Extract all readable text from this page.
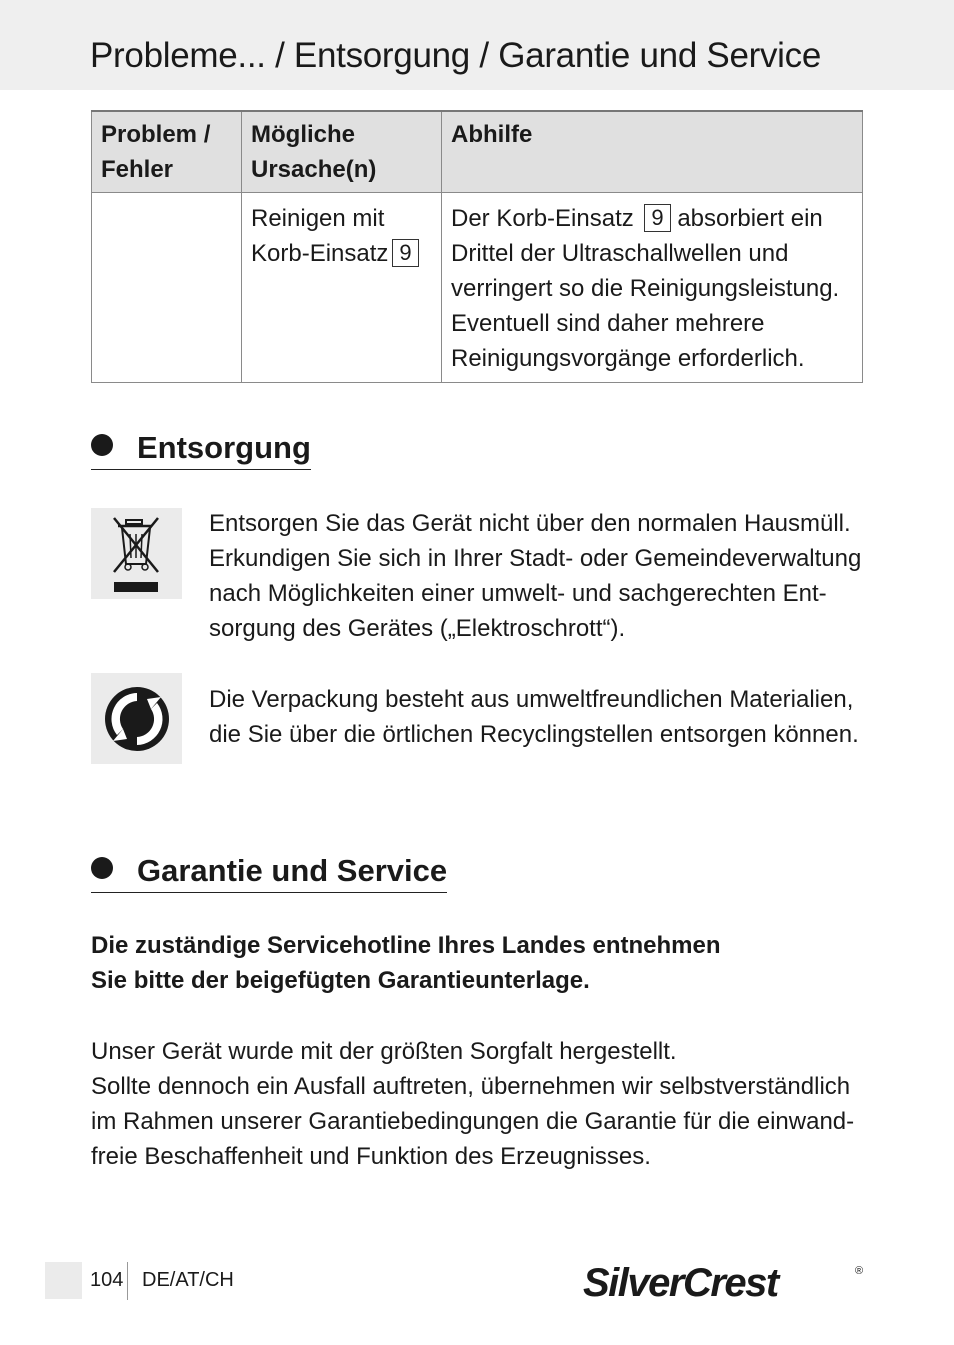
Probleme... / Entsorgung / Garantie und Service
Problem / Fehler	Mögliche Ursache(n)	Abhilfe
	Reinigen mit Korb-Einsatz 9	Der Korb-Einsatz 9 absorbiert ein Drittel der Ultraschallwellen und verringert so die Reinigungsleistung. Eventuell sind daher mehrere Reinigungsvorgänge erforderlich.
Entsorgung

Entsorgen Sie das Gerät nicht über den normalen Hausmüll.
Erkundigen Sie sich in Ihrer Stadt- oder Gemeindeverwaltung
nach Möglichkeiten einer umwelt- und sachgerechten Ent-
sorgung des Gerätes („Elektroschrott“).

Die Verpackung besteht aus umweltfreundlichen Materialien,
die Sie über die örtlichen Recyclingstellen entsorgen können.

Garantie und Service

Die zuständige Servicehotline Ihres Landes entnehmen
Sie bitte der beigefügten Garantieunterlage.

Unser Gerät wurde mit der größten Sorgfalt hergestellt.
Sollte dennoch ein Ausfall auftreten, übernehmen wir selbstverständlich
im Rahmen unserer Garantiebedingungen die Garantie für die einwand-
freie Beschaffenheit und Funktion des Erzeugnisses.

104 DE/AT/CH	SilverCrest	®
